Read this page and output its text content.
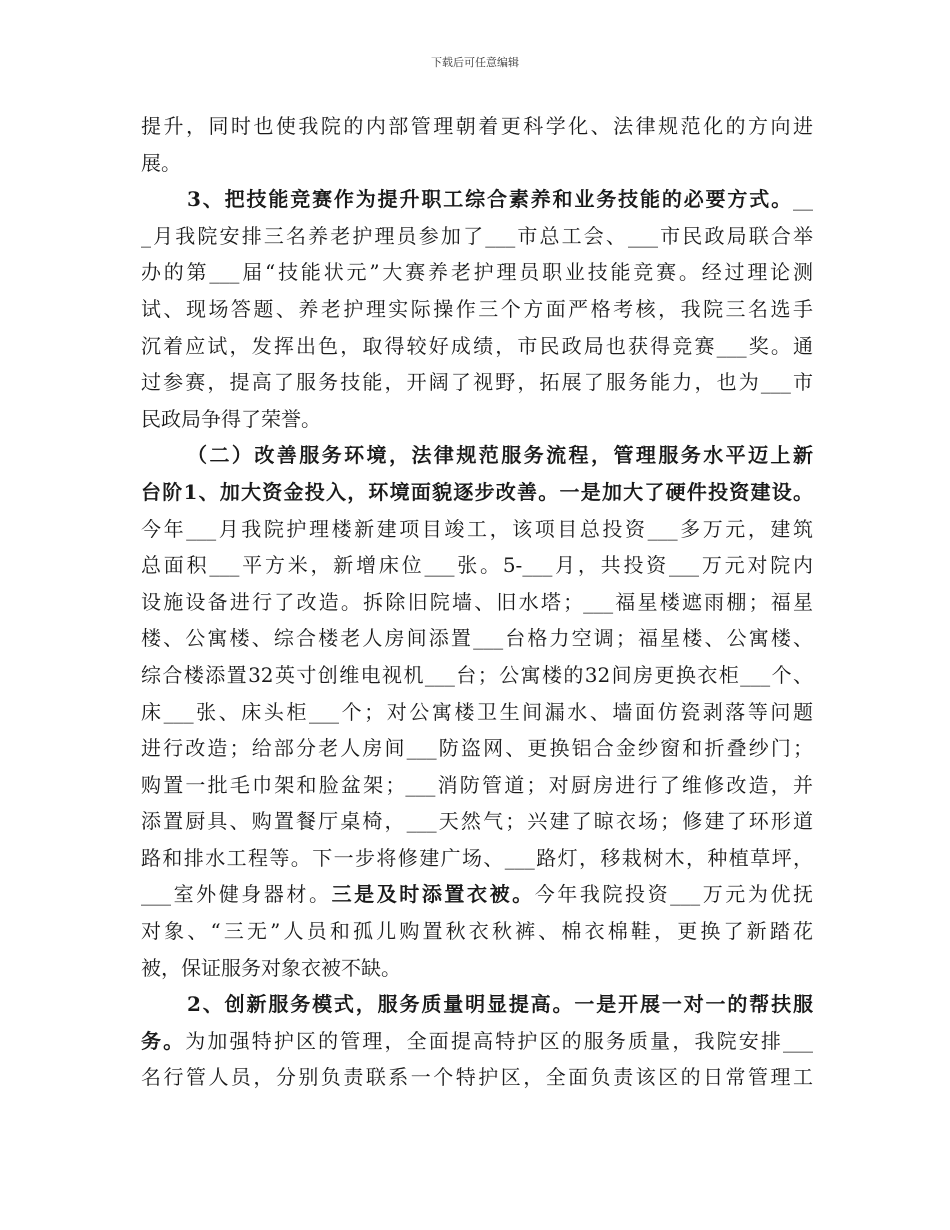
下载后可任意编辑
提升，同时也使我院的内部管理朝着更科学化、法律规范化的方向进
展。
3、把技能竞赛作为提升职工综合素养和业务技能的必要方式。__
_月我院安排三名养老护理员参加了___市总工会、___市民政局联合举
办的第___届“技能状元”大赛养老护理员职业技能竞赛。经过理论测
试、现场答题、养老护理实际操作三个方面严格考核，我院三名选手
沉着应试，发挥出色，取得较好成绩，市民政局也获得竞赛___奖。通
过参赛，提高了服务技能，开阔了视野，拓展了服务能力，也为___市
民政局争得了荣誉。
（二）改善服务环境，法律规范服务流程，管理服务水平迈上新
台阶1、加大资金投入，环境面貌逐步改善。一是加大了硬件投资建设。
今年___月我院护理楼新建项目竣工，该项目总投资___多万元，建筑
总面积___平方米，新增床位___张。5-___月，共投资___万元对院内
设施设备进行了改造。拆除旧院墙、旧水塔；___福星楼遮雨棚；福星
楼、公寓楼、综合楼老人房间添置___台格力空调；福星楼、公寓楼、
综合楼添置32英寸创维电视机___台；公寓楼的32间房更换衣柜___个、
床___张、床头柜___个；对公寓楼卫生间漏水、墙面仿瓷剥落等问题
进行改造；给部分老人房间___防盗网、更换铝合金纱窗和折叠纱门；
购置一批毛巾架和脸盆架；___消防管道；对厨房进行了维修改造，并
添置厨具、购置餐厅桌椅，___天然气；兴建了晾衣场；修建了环形道
路和排水工程等。下一步将修建广场、___路灯，移栽树木，种植草坪，
___室外健身器材。三是及时添置衣被。今年我院投资___万元为优抚
对象、“三无”人员和孤儿购置秋衣秋裤、棉衣棉鞋，更换了新踏花
被，保证服务对象衣被不缺。
2、创新服务模式，服务质量明显提高。一是开展一对一的帮扶服
务。为加强特护区的管理，全面提高特护区的服务质量，我院安排___
名行管人员，分别负责联系一个特护区，全面负责该区的日常管理工
